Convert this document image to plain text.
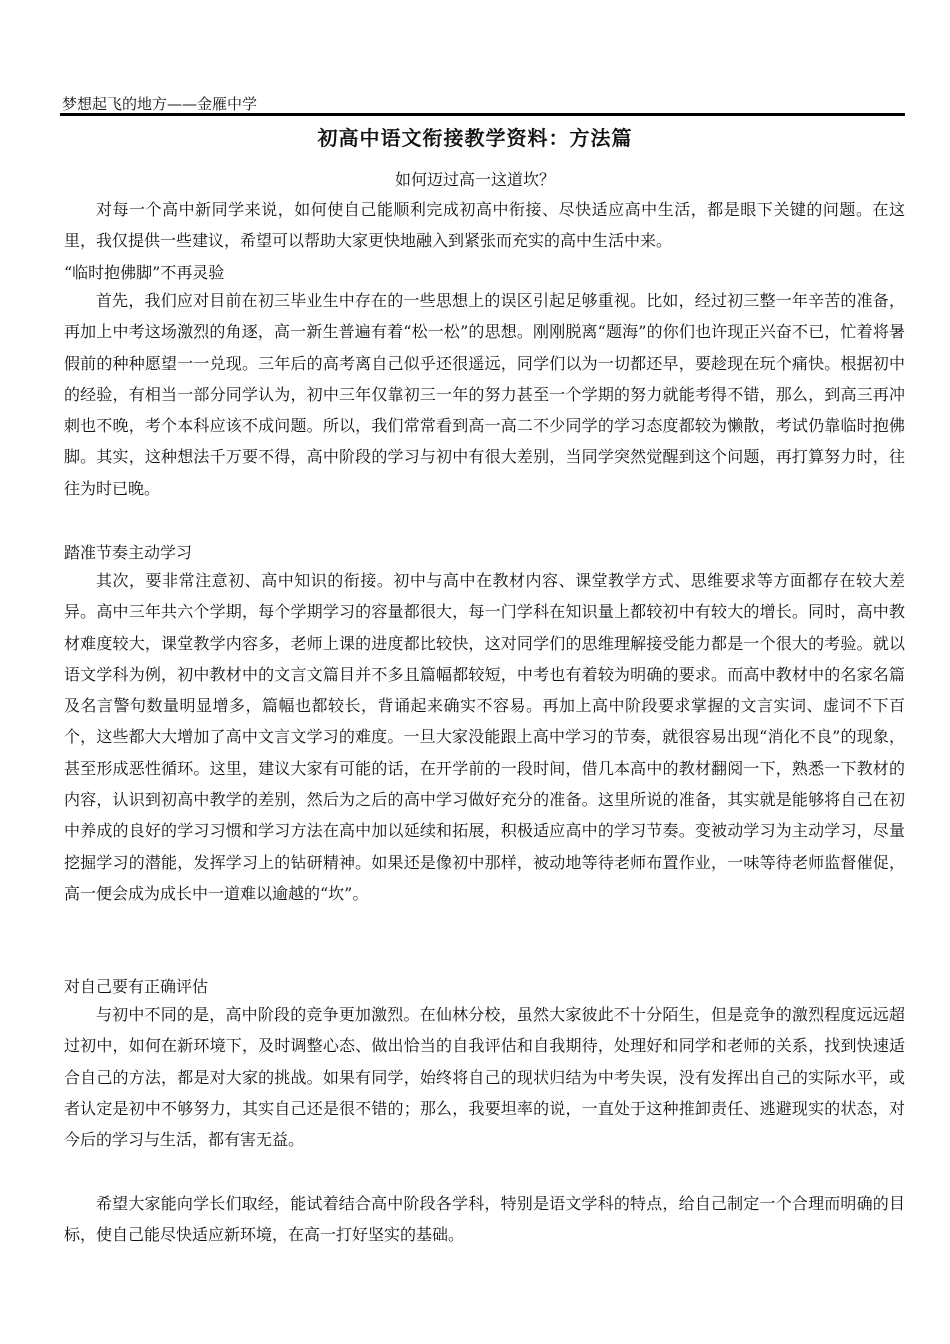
梦想起飞的地方——金雁中学
初高中语文衔接教学资料：方法篇
如何迈过高一这道坎？

对每一个高中新同学来说，如何使自己能顺利完成初高中衔接、尽快适应高中生活，都是眼下关键的问题。在这里，我仅提供一些建议，希望可以帮助大家更快地融入到紧张而充实的高中生活中来。

“临时抱佛脚”不再灵验

首先，我们应对目前在初三毕业生中存在的一些思想上的误区引起足够重视。比如，经过初三整一年辛苦的准备，再加上中考这场激烈的角逐，高一新生普遍有着“松一松”的思想。刚刚脱离“题海”的你们也许现正兴奋不已，忙着将暑假前的种种愿望一一兑现。三年后的高考离自己似乎还很遥远，同学们以为一切都还早，要趁现在玩个痛快。根据初中的经验，有相当一部分同学认为，初中三年仅靠初三一年的努力甚至一个学期的努力就能考得不错，那么，到高三再冲刺也不晚，考个本科应该不成问题。所以，我们常常看到高一高二不少同学的学习态度都较为懒散，考试仍靠临时抱佛脚。其实，这种想法千万要不得，高中阶段的学习与初中有很大差别，当同学突然觉醒到这个问题，再打算努力时，往往为时已晚。

踏准节奏主动学习

其次，要非常注意初、高中知识的衔接。初中与高中在教材内容、课堂教学方式、思维要求等方面都存在较大差异。高中三年共六个学期，每个学期学习的容量都很大，每一门学科在知识量上都较初中有较大的增长。同时，高中教材难度较大，课堂教学内容多，老师上课的进度都比较快，这对同学们的思维理解接受能力都是一个很大的考验。就以语文学科为例，初中教材中的文言文篇目并不多且篇幅都较短，中考也有着较为明确的要求。而高中教材中的名家名篇及名言警句数量明显增多，篇幅也都较长，背诵起来确实不容易。再加上高中阶段要求掌握的文言实词、虚词不下百个，这些都大大增加了高中文言文学习的难度。一旦大家没能跟上高中学习的节奏，就很容易出现“消化不良”的现象，甚至形成恶性循环。这里，建议大家有可能的话，在开学前的一段时间，借几本高中的教材翻阅一下，熟悉一下教材的内容，认识到初高中教学的差别，然后为之后的高中学习做好充分的准备。这里所说的准备，其实就是能够将自己在初中养成的良好的学习习惯和学习方法在高中加以延续和拓展，积极适应高中的学习节奏。变被动学习为主动学习，尽量挖掘学习的潜能，发挥学习上的钻研精神。如果还是像初中那样，被动地等待老师布置作业，一味等待老师监督催促，高一便会成为成长中一道难以逾越的“坎”。

对自己要有正确评估

与初中不同的是，高中阶段的竞争更加激烈。在仙林分校，虽然大家彼此不十分陌生，但是竞争的激烈程度远远超过初中，如何在新环境下，及时调整心态、做出恰当的自我评估和自我期待，处理好和同学和老师的关系，找到快速适合自己的方法，都是对大家的挑战。如果有同学，始终将自己的现状归结为中考失误，没有发挥出自己的实际水平，或者认定是初中不够努力，其实自己还是很不错的；那么，我要坦率的说，一直处于这种推卸责任、逃避现实的状态，对今后的学习与生活，都有害无益。

希望大家能向学长们取经，能试着结合高中阶段各学科，特别是语文学科的特点，给自己制定一个合理而明确的目标，使自己能尽快适应新环境，在高一打好坚实的基础。
